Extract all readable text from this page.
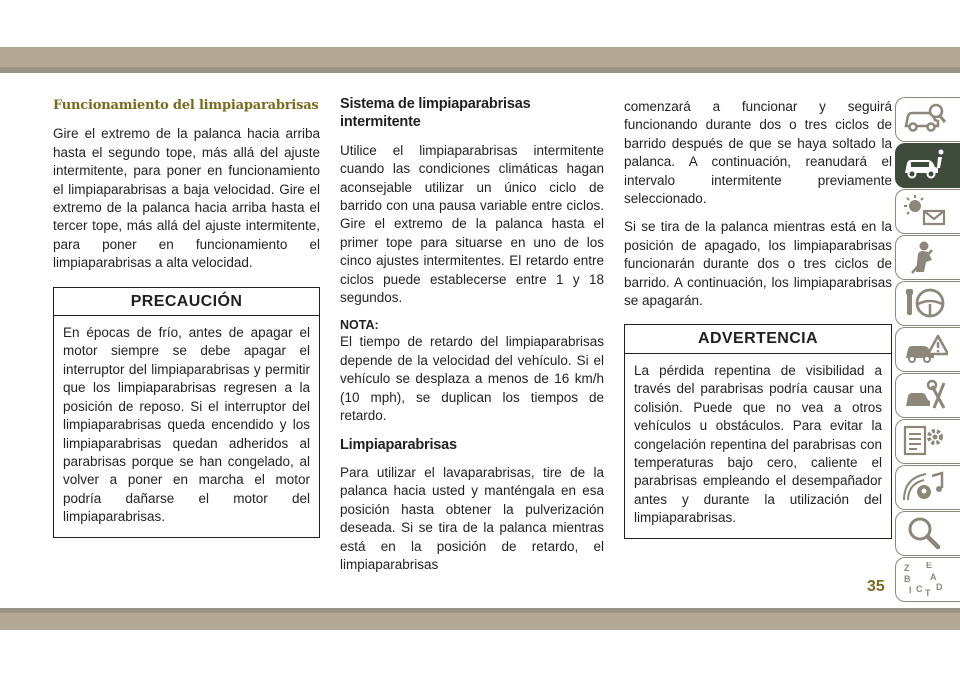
Funcionamiento del limpiaparabrisas

Gire el extremo de la palanca hacia arriba hasta el segundo tope, más allá del ajuste intermitente, para poner en funcionamiento el limpiaparabrisas a baja velocidad. Gire el extremo de la palanca hacia arriba hasta el tercer tope, más allá del ajuste intermitente, para poner en funcionamiento el limpiaparabrisas a alta velocidad.

PRECAUCIÓN

En épocas de frío, antes de apagar el motor siempre se debe apagar el interruptor del limpiaparabrisas y permitir que los limpiaparabrisas regresen a la posición de reposo. Si el interruptor del limpiaparabrisas queda encendido y los limpiaparabrisas quedan adheridos al parabrisas porque se han congelado, al volver a poner en marcha el motor podría dañarse el motor del limpiaparabrisas.

Sistema de limpiaparabrisas intermitente

Utilice el limpiaparabrisas intermitente cuando las condiciones climáticas hagan aconsejable utilizar un único ciclo de barrido con una pausa variable entre ciclos. Gire el extremo de la palanca hasta el primer tope para situarse en uno de los cinco ajustes intermitentes. El retardo entre ciclos puede establecerse entre 1 y 18 segundos.

NOTA:

El tiempo de retardo del limpiaparabrisas depende de la velocidad del vehículo. Si el vehículo se desplaza a menos de 16 km/h (10 mph), se duplican los tiempos de retardo.

Limpiaparabrisas

Para utilizar el lavaparabrisas, tire de la palanca hacia usted y manténgala en esa posición hasta obtener la pulverización deseada. Si se tira de la palanca mientras está en la posición de retardo, el limpiaparabrisas

comenzará a funcionar y seguirá funcionando durante dos o tres ciclos de barrido después de que se haya soltado la palanca. A continuación, reanudará el intervalo intermitente previamente seleccionado.

Si se tira de la palanca mientras está en la posición de apagado, los limpiaparabrisas funcionarán durante dos o tres ciclos de barrido. A continuación, los limpiaparabrisas se apagarán.

ADVERTENCIA

La pérdida repentina de visibilidad a través del parabrisas podría causar una colisión. Puede que no vea a otros vehículos u obstáculos. Para evitar la congelación repentina del parabrisas con temperaturas bajo cero, caliente el parabrisas empleando el desempañador antes y durante la utilización del limpiaparabrisas.

Z E
B A
C D
I T
35
